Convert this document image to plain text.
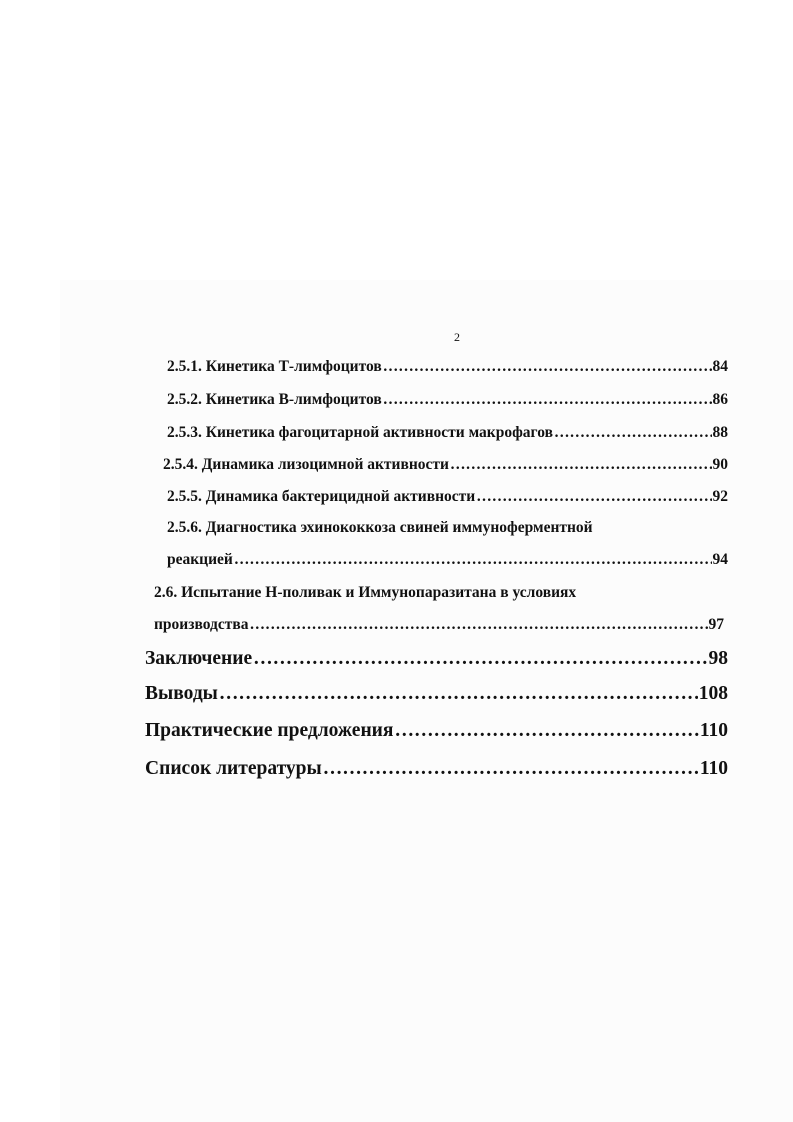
2
2.5.1. Кинетика Т-лимфоцитов ………………………………………………………………………………………………………………………………	84
2.5.2. Кинетика В-лимфоцитов ………………………………………………………………………………………………………………………………	86
2.5.3. Кинетика фагоцитарной активности макрофагов ………………………………………………………………………………………………………………………………	88
2.5.4. Динамика лизоцимной активности ………………………………………………………………………………………………………………………………	90
2.5.5. Динамика бактерицидной активности ………………………………………………………………………………………………………………………………	92
2.5.6. Диагностика эхинококкоза свиней иммуноферментной
реакцией ………………………………………………………………………………………………………………………………	94
2.6. Испытание Н-поливак и Иммунопаразитана в условиях
производства ………………………………………………………………………………………………………………………………	97
Заключение ………………………………………………………………………………………………………………………………	98
Выводы ………………………………………………………………………………………………………………………………	108
Практические предложения ………………………………………………………………………………………………………………………………	110
Список литературы ………………………………………………………………………………………………………………………………	110
